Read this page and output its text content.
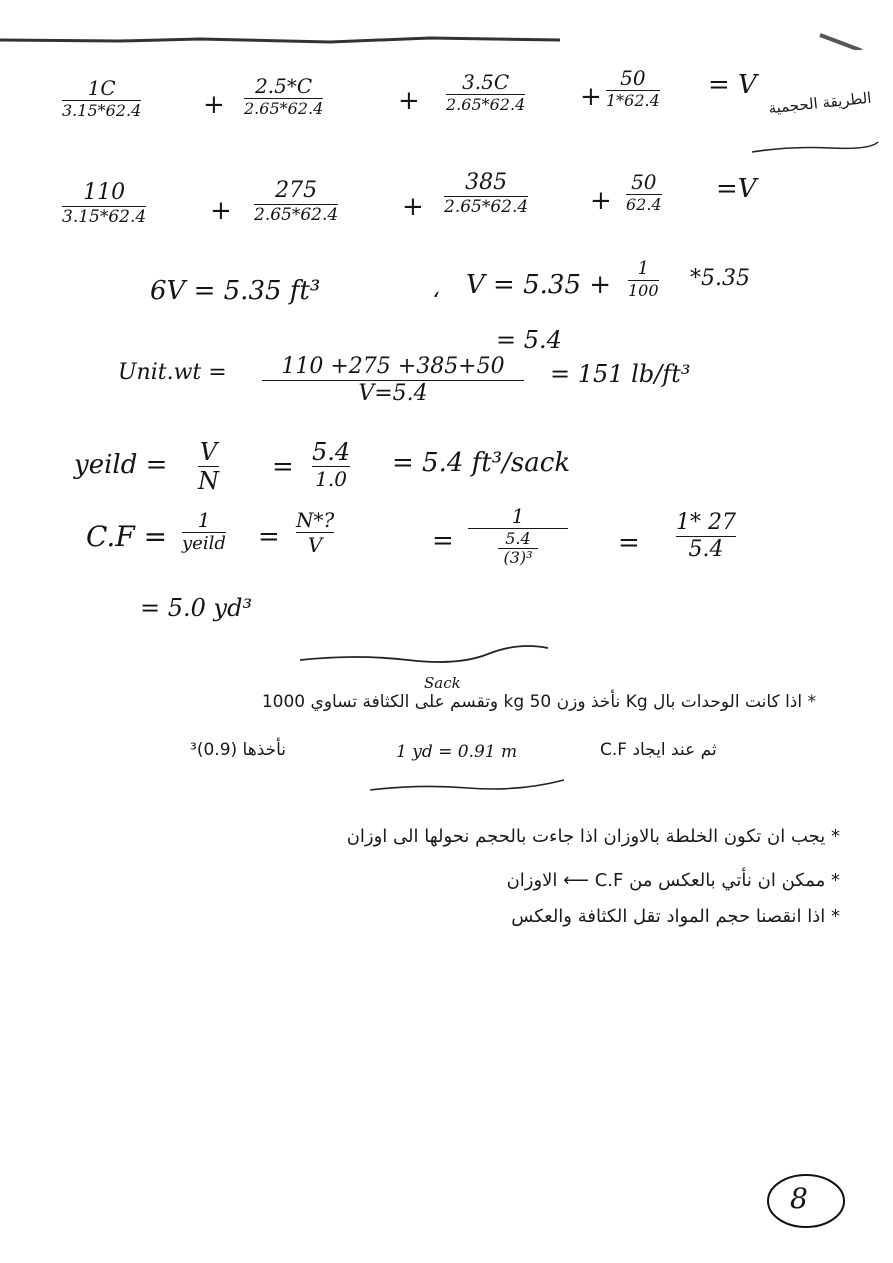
1C
3.15*62.4 +
2.5*C
2.65*62.4	+
3.5C
2.65*62.4 +
50
1*62.4
= V
الطريقة الحجمية
110
3.15*62.4 +
275
2.65*62.4 +
385
2.65*62.4 +
50
62.4
=V
6V = 5.35 ft³	، V = 5.35 +
1
100 *5.35
= 5.4
Unit.wt = 110 +275 +385+50
V=5.4
= 151 lb/ft³
yeild = V
N = 5.4
1.0
= 5.4 ft³/sack
C.F = 1
yeild =
N*?
V	=
1
5.4
(3)³	=
1* 27
5.4
= 5.0 yd³
Sack
* اذا كانت الوحدات بال Kg نأخذ وزن 50 kg وتقسم على الكثافة تساوي 1000
ثم عند ايجاد C.F
1 yd = 0.91 m
نأخذها (0.9)³
* يجب ان تكون الخلطة بالاوزان اذا جاءت بالحجم نحولها الى اوزان
* ممكن ان نأتي بالعكس من C.F ⟵ الاوزان
* اذا انقصنا حجم المواد تقل الكثافة والعكس
8
